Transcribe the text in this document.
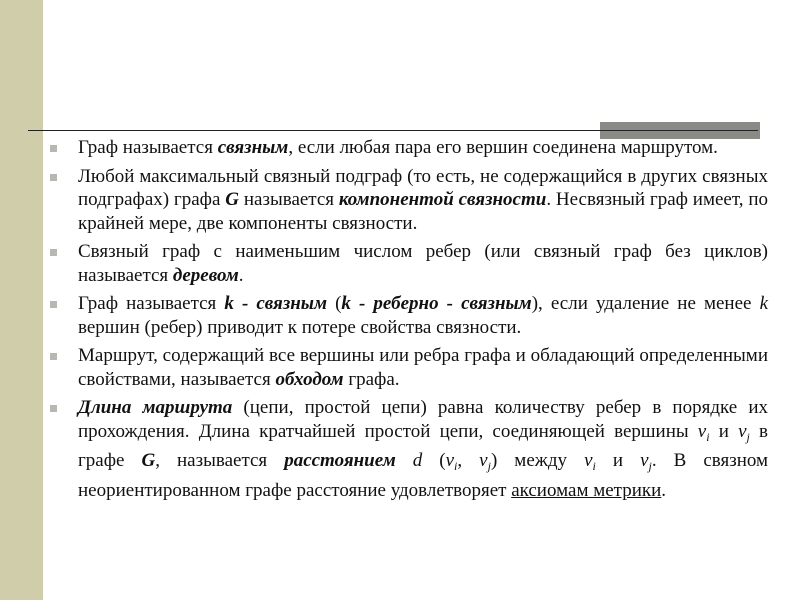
Граф называется связным, если любая пара его вершин соединена маршрутом.
Любой максимальный связный подграф (то есть, не содержащийся в других связных подграфах) графа G называется компонентой связности. Несвязный граф имеет, по крайней мере, две компоненты связности.
Связный граф с наименьшим числом ребер (или связный граф без циклов) называется деревом.
Граф называется k - связным (k - реберно - связным), если удаление не менее k вершин (ребер) приводит к потере свойства связности.
Маршрут, содержащий все вершины или ребра графа и обладающий определенными свойствами, называется обходом графа.
Длина маршрута (цепи, простой цепи) равна количеству ребер в порядке их прохождения. Длина кратчайшей простой цепи, соединяющей вершины $v_i$ и $v_j$ в графе G, называется расстоянием d ($v_i$, $v_j$) между $v_i$ и $v_j$. В связном неориентированном графе расстояние удовлетворяет аксиомам метрики.
